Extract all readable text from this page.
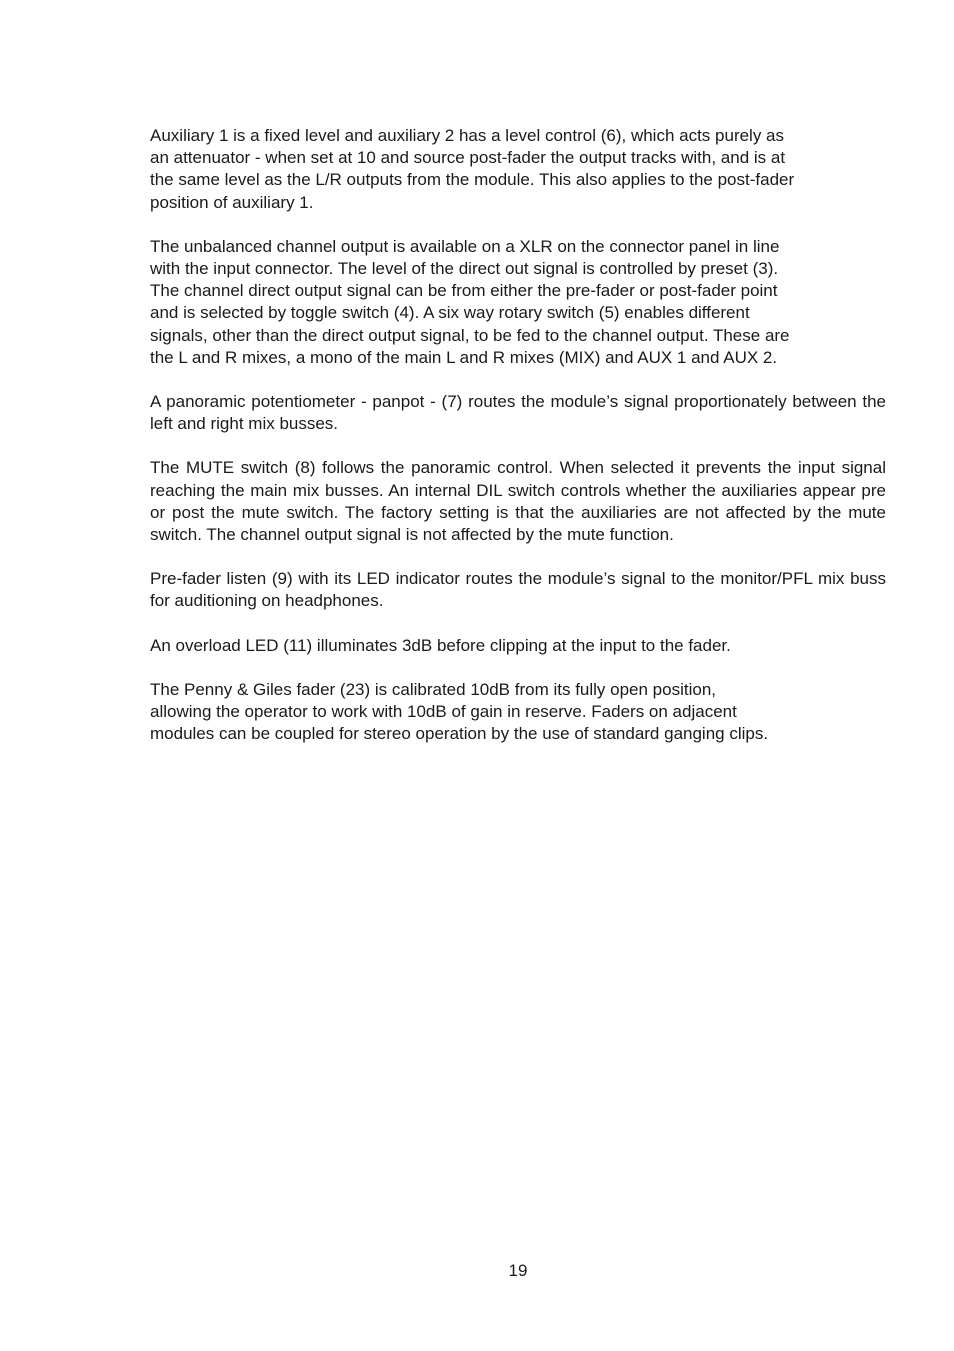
Auxiliary 1 is a fixed level and auxiliary 2 has a level control (6), which acts purely as
an attenuator - when set at 10 and source post-fader the output tracks with, and is at
the same level as the L/R outputs from the module. This also applies to the post-fader
position of auxiliary 1.

The unbalanced channel output is available on a XLR on the connector panel in line
with the input connector. The level of the direct out signal is controlled by preset (3).
The channel direct output signal can be from either the pre-fader or post-fader point
and is selected by toggle switch (4). A six way rotary switch (5) enables different
signals, other than the direct output signal, to be fed to the channel output. These are
the L and R mixes, a mono of the main L and R mixes (MIX) and AUX 1 and AUX 2.

A panoramic potentiometer - panpot - (7) routes the module’s signal proportionately between the left and right mix busses.

The MUTE switch (8) follows the panoramic control. When selected it prevents the input signal reaching the main mix busses. An internal DIL switch controls whether the auxiliaries appear pre or post the mute switch. The factory setting is that the auxiliaries are not affected by the mute switch. The channel output signal is not affected by the mute function.

Pre-fader listen (9) with its LED indicator routes the module’s signal to the monitor/PFL mix buss for auditioning on headphones.

An overload LED (11) illuminates 3dB before clipping at the input to the fader.

The Penny & Giles fader (23) is calibrated 10dB from its fully open position,
allowing the operator to work with 10dB of gain in reserve. Faders on adjacent
modules can be coupled for stereo operation by the use of standard ganging clips.

19
